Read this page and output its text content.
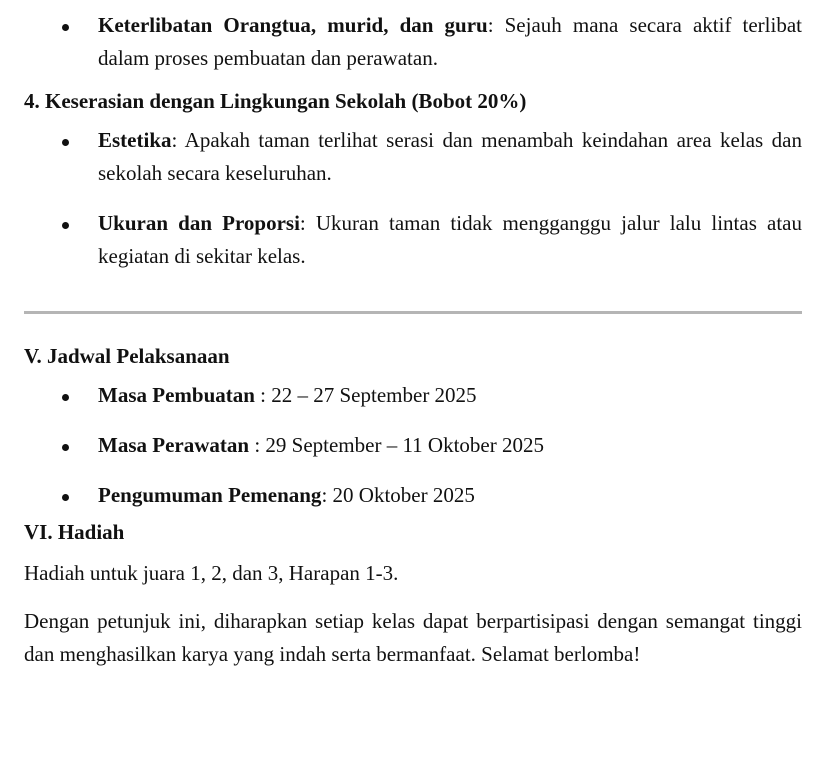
Keterlibatan Orangtua, murid, dan guru: Sejauh mana secara aktif terlibat dalam proses pembuatan dan perawatan.
4. Keserasian dengan Lingkungan Sekolah (Bobot 20%)
Estetika: Apakah taman terlihat serasi dan menambah keindahan area kelas dan sekolah secara keseluruhan.
Ukuran dan Proporsi: Ukuran taman tidak mengganggu jalur lalu lintas atau kegiatan di sekitar kelas.
V. Jadwal Pelaksanaan
Masa Pembuatan : 22 – 27 September 2025
Masa Perawatan : 29 September – 11 Oktober 2025
Pengumuman Pemenang: 20 Oktober 2025
VI. Hadiah

Hadiah untuk juara 1, 2, dan 3, Harapan 1-3.

Dengan petunjuk ini, diharapkan setiap kelas dapat berpartisipasi dengan semangat tinggi dan menghasilkan karya yang indah serta bermanfaat. Selamat berlomba!
